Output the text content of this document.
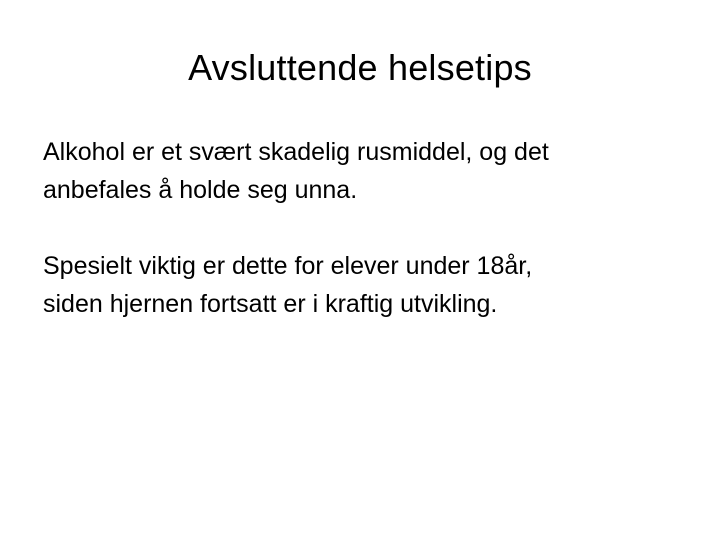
Avsluttende helsetips

Alkohol er et svært skadelig rusmiddel, og det
anbefales å holde seg unna.

Spesielt viktig er dette for elever under 18år,
siden hjernen fortsatt er i kraftig utvikling.
